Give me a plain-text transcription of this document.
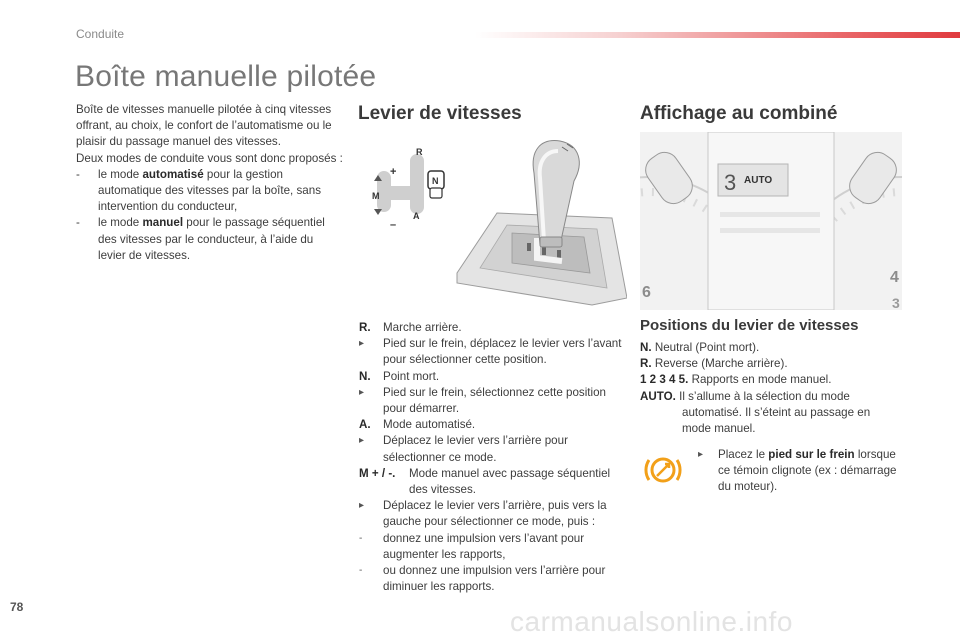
Conduite
Boîte manuelle pilotée

Boîte de vitesses manuelle pilotée à cinq vitesses offrant, au choix, le confort de l’automatisme ou le plaisir du passage manuel des vitesses.

Deux modes de conduite vous sont donc proposés :

-	le mode automatisé pour la gestion automatique des vitesses par la boîte, sans intervention du conducteur,
-	le mode manuel pour le passage séquentiel des vitesses par le conducteur, à l’aide du levier de vitesses.
Levier de vitesses
R
N
A
M
+
–
R.	Marche arrière.
▸	Pied sur le frein, déplacez le levier vers l’avant pour sélectionner cette position.
N.	Point mort.
▸	Pied sur le frein, sélectionnez cette position pour démarrer.
A.	Mode automatisé.
▸	Déplacez le levier vers l’arrière pour sélectionner ce mode.
M + / -.	Mode manuel avec passage séquentiel des vitesses.
▸	Déplacez le levier vers l’arrière, puis vers la gauche pour sélectionner ce mode, puis :
-	donnez une impulsion vers l’avant pour augmenter les rapports,
-	ou donnez une impulsion vers l’arrière pour diminuer les rapports.
Affichage au combiné
6
4
3
3 AUTO
Positions du levier de vitesses

N. Neutral (Point mort).

R. Reverse (Marche arrière).

1 2 3 4 5. Rapports en mode manuel.

AUTO. Il s’allume à la sélection du mode automatisé. Il s’éteint au passage en mode manuel.

▸	Placez le pied sur le frein lorsque ce témoin clignote (ex : démarrage du moteur).
78	carmanualsonline.info
